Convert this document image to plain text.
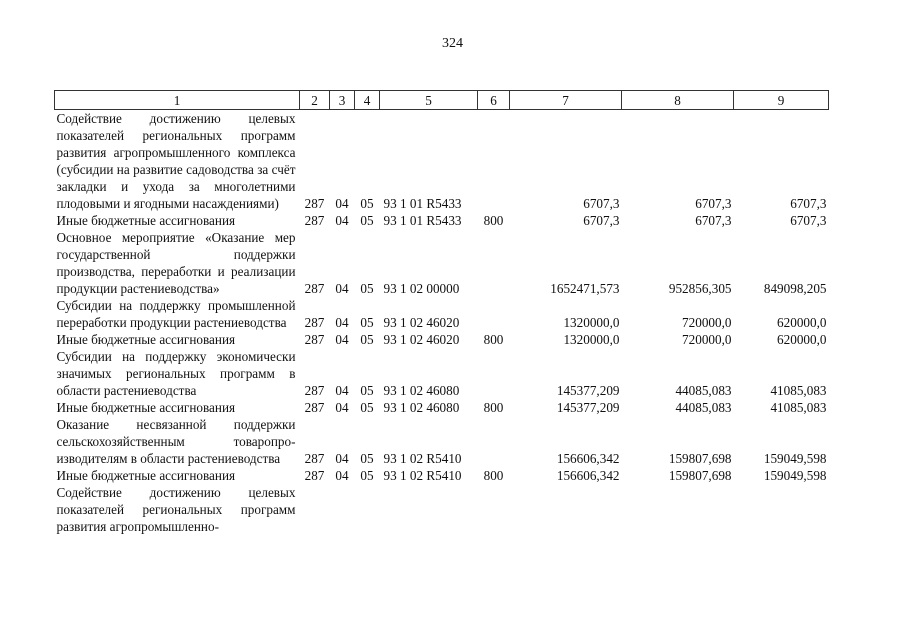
324
1	2	3	4	5	6	7	8	9
Содействие достижению целевых показателей региональных программ развития агропромышленного комплекса (субсидии на развитие садоводства за счёт закладки и ухода за многолетними плодовыми и ягодными насаждениями)	287	04	05	93 1 01 R5433		6707,3	6707,3	6707,3
Иные бюджетные ассигнования	287	04	05	93 1 01 R5433	800	6707,3	6707,3	6707,3
Основное мероприятие «Оказание мер государственной поддержки производства, переработки и реализации продукции растениеводства»	287	04	05	93 1 02 00000		1652471,573	952856,305	849098,205
Субсидии на поддержку промышленной переработки продукции растениеводства	287	04	05	93 1 02 46020		1320000,0	720000,0	620000,0
Иные бюджетные ассигнования	287	04	05	93 1 02 46020	800	1320000,0	720000,0	620000,0
Субсидии на поддержку экономически значимых региональных программ в области растениеводства	287	04	05	93 1 02 46080		145377,209	44085,083	41085,083
Иные бюджетные ассигнования	287	04	05	93 1 02 46080	800	145377,209	44085,083	41085,083
Оказание несвязанной поддержки сельскохозяйственным товаропроизводителям в области растениеводства	287	04	05	93 1 02 R5410		156606,342	159807,698	159049,598
Иные бюджетные ассигнования	287	04	05	93 1 02 R5410	800	156606,342	159807,698	159049,598
Содействие достижению целевых показателей региональных программ развития агропромышленно-								
